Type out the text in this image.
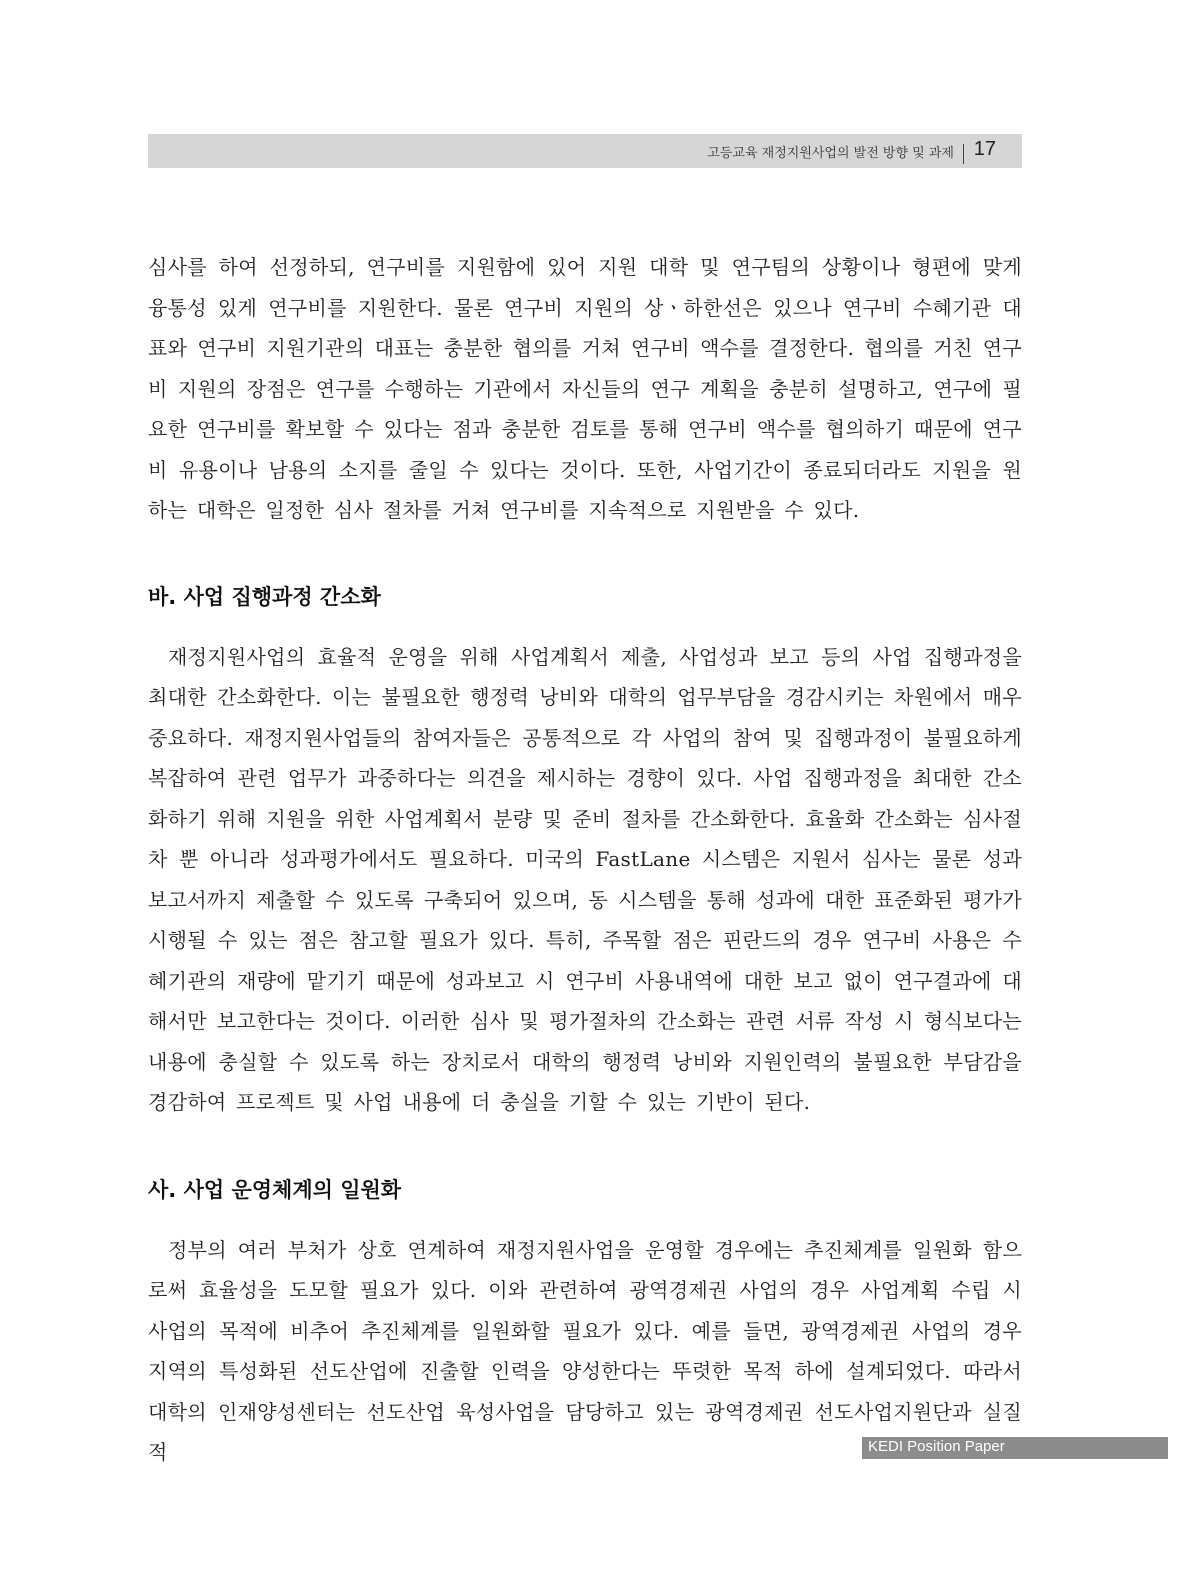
고등교육 재정지원사업의 발전 방향 및 과제 17

심사를 하여 선정하되, 연구비를 지원함에 있어 지원 대학 및 연구팀의 상황이나 형편에 맞게 융통성 있게 연구비를 지원한다. 물론 연구비 지원의 상ㆍ하한선은 있으나 연구비 수혜기관 대표와 연구비 지원기관의 대표는 충분한 협의를 거쳐 연구비 액수를 결정한다. 협의를 거친 연구비 지원의 장점은 연구를 수행하는 기관에서 자신들의 연구 계획을 충분히 설명하고, 연구에 필요한 연구비를 확보할 수 있다는 점과 충분한 검토를 통해 연구비 액수를 협의하기 때문에 연구비 유용이나 남용의 소지를 줄일 수 있다는 것이다. 또한, 사업기간이 종료되더라도 지원을 원하는 대학은 일정한 심사 절차를 거쳐 연구비를 지속적으로 지원받을 수 있다.

바. 사업 집행과정 간소화

재정지원사업의 효율적 운영을 위해 사업계획서 제출, 사업성과 보고 등의 사업 집행과정을 최대한 간소화한다. 이는 불필요한 행정력 낭비와 대학의 업무부담을 경감시키는 차원에서 매우 중요하다. 재정지원사업들의 참여자들은 공통적으로 각 사업의 참여 및 집행과정이 불필요하게 복잡하여 관련 업무가 과중하다는 의견을 제시하는 경향이 있다. 사업 집행과정을 최대한 간소화하기 위해 지원을 위한 사업계획서 분량 및 준비 절차를 간소화한다. 효율화 간소화는 심사절차 뿐 아니라 성과평가에서도 필요하다. 미국의 FastLane 시스템은 지원서 심사는 물론 성과보고서까지 제출할 수 있도록 구축되어 있으며, 동 시스템을 통해 성과에 대한 표준화된 평가가 시행될 수 있는 점은 참고할 필요가 있다. 특히, 주목할 점은 핀란드의 경우 연구비 사용은 수혜기관의 재량에 맡기기 때문에 성과보고 시 연구비 사용내역에 대한 보고 없이 연구결과에 대해서만 보고한다는 것이다. 이러한 심사 및 평가절차의 간소화는 관련 서류 작성 시 형식보다는 내용에 충실할 수 있도록 하는 장치로서 대학의 행정력 낭비와 지원인력의 불필요한 부담감을 경감하여 프로젝트 및 사업 내용에 더 충실을 기할 수 있는 기반이 된다.

사. 사업 운영체계의 일원화

정부의 여러 부처가 상호 연계하여 재정지원사업을 운영할 경우에는 추진체계를 일원화 함으로써 효율성을 도모할 필요가 있다. 이와 관련하여 광역경제권 사업의 경우 사업계획 수립 시 사업의 목적에 비추어 추진체계를 일원화할 필요가 있다. 예를 들면, 광역경제권 사업의 경우 지역의 특성화된 선도산업에 진출할 인력을 양성한다는 뚜렷한 목적 하에 설계되었다. 따라서 대학의 인재양성센터는 선도산업 육성사업을 담당하고 있는 광역경제권 선도사업지원단과 실질적	KEDI Position Paper
